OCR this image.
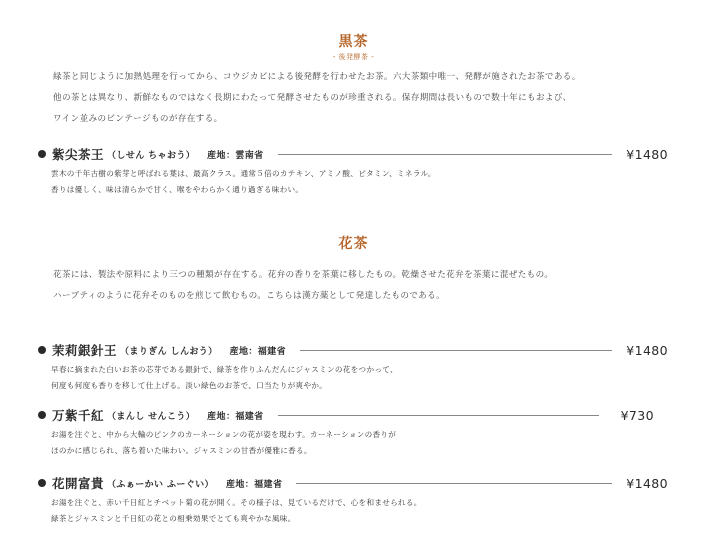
黒茶
- 後発酵茶 -
緑茶と同じように加熱処理を行ってから、コウジカビによる後発酵を行わせたお茶。六大茶類中唯一、発酵が施されたお茶である。
他の茶とは異なり、新鮮なものではなく長期にわたって発酵させたものが珍重される。保存期間は長いもので数十年にもおよび、
ワイン並みのビンテージものが存在する。
紫尖茶王 （しせん ちゃおう） 産地：雲南省	¥1480
雲木の千年古樹の紫芽と呼ばれる葉は、最高クラス。通常５倍のカテキン、アミノ酸、ビタミン、ミネラル。
香りは優しく、味は清らかで甘く、喉をやわらかく通り過ぎる味わい。
花茶
花茶には、製法や原料により三つの種類が存在する。花弁の香りを茶葉に移したもの。乾燥させた花弁を茶葉に混ぜたもの。
ハーブティのように花弁そのものを煎じて飲むもの。こちらは漢方薬として発達したものである。
茉莉銀針王 （まりぎん しんおう） 産地：福建省	¥1480
早春に摘まれた白いお茶の芯芽である銀針で、緑茶を作りふんだんにジャスミンの花をつかって、
何度も何度も香りを移して仕上げる。淡い緑色のお茶で、口当たりが爽やか。
万紫千紅 （まんし せんこう） 産地：福建省	¥730
お湯を注ぐと、中から大輪のピンクのカーネーションの花が姿を現わす。カーネーションの香りが
ほのかに感じられ、落ち着いた味わい。ジャスミンの甘香が優雅に香る。
花開富貴 （ふぁーかい ふーぐい） 産地：福建省	¥1480
お湯を注ぐと、赤い千日紅とチベット菊の花が開く。その様子は、見ているだけで、心を和ませられる。
緑茶とジャスミンと千日紅の花との相乗効果でとても爽やかな風味。
